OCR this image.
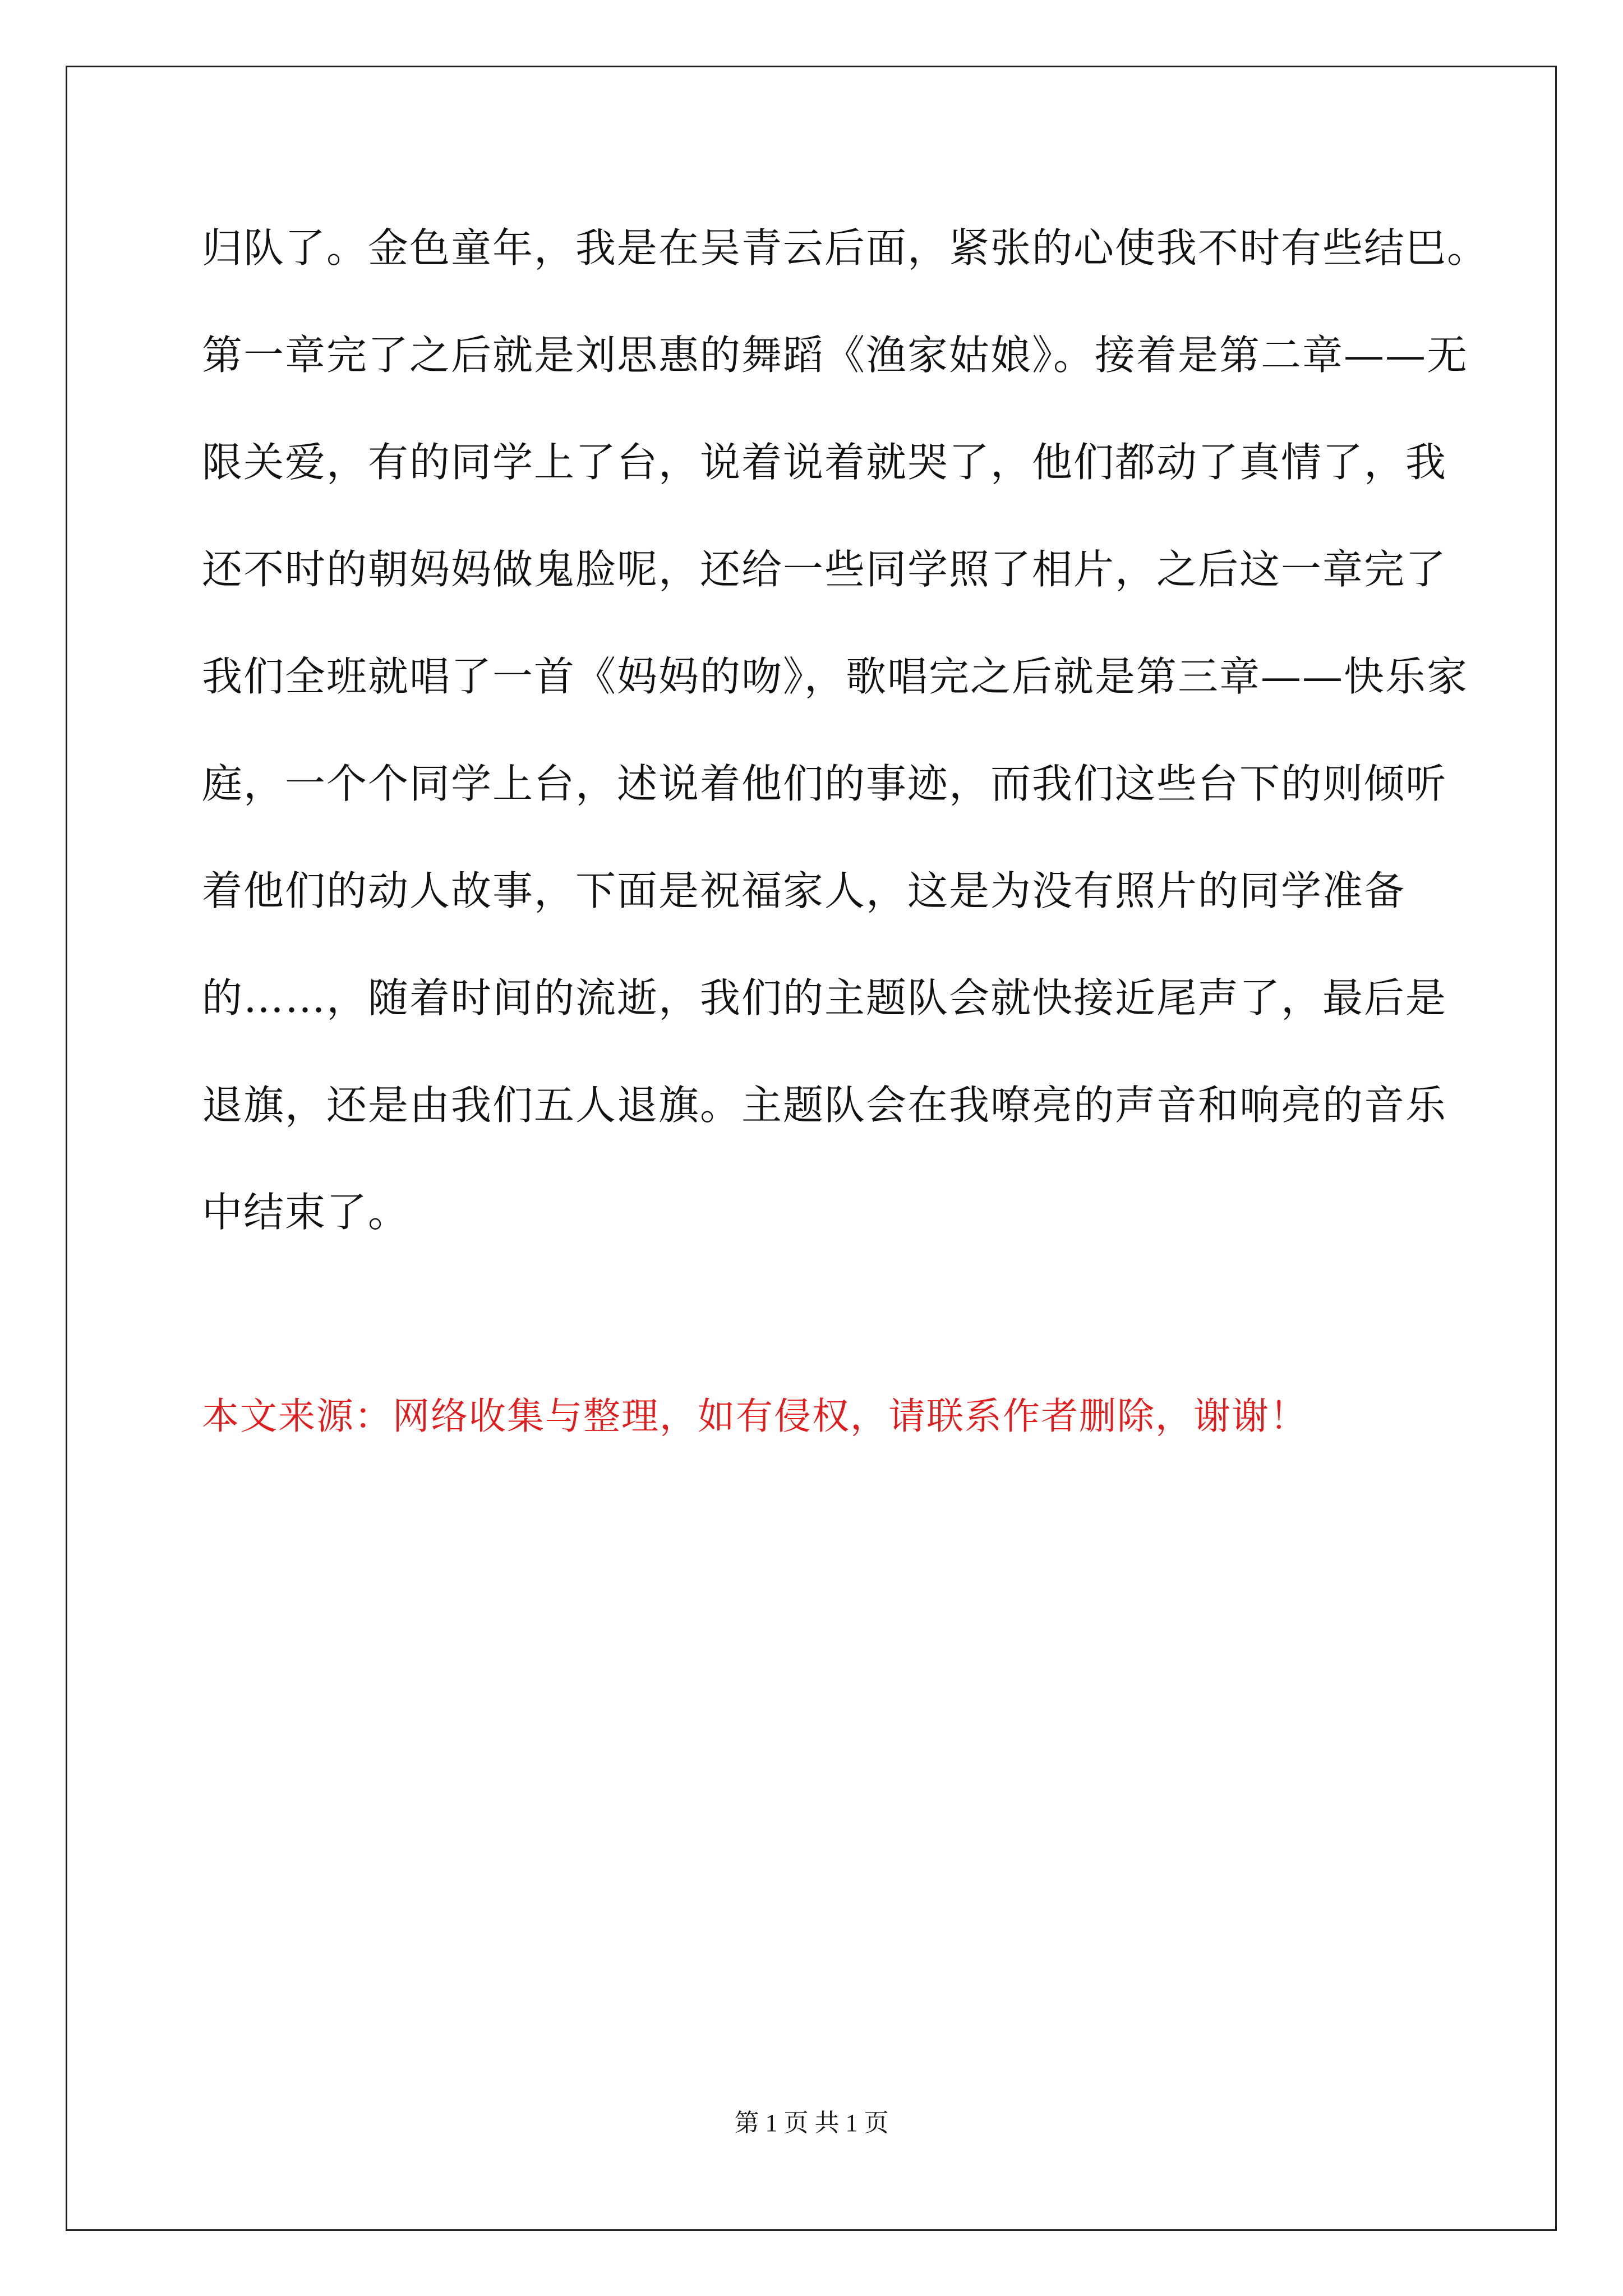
归队了。金色童年，我是在吴青云后面，紧张的心使我不时有些结巴。
第一章完了之后就是刘思惠的舞蹈《渔家姑娘》。接着是第二章——无
限关爱，有的同学上了台，说着说着就哭了，他们都动了真情了，我
还不时的朝妈妈做鬼脸呢，还给一些同学照了相片，之后这一章完了
我们全班就唱了一首《妈妈的吻》，歌唱完之后就是第三章——快乐家
庭，一个个同学上台，述说着他们的事迹，而我们这些台下的则倾听
着他们的动人故事，下面是祝福家人，这是为没有照片的同学准备
的……，随着时间的流逝，我们的主题队会就快接近尾声了，最后是
退旗，还是由我们五人退旗。主题队会在我嘹亮的声音和响亮的音乐
中结束了。
本文来源：网络收集与整理，如有侵权，请联系作者删除，谢谢！
第 1 页 共 1 页
